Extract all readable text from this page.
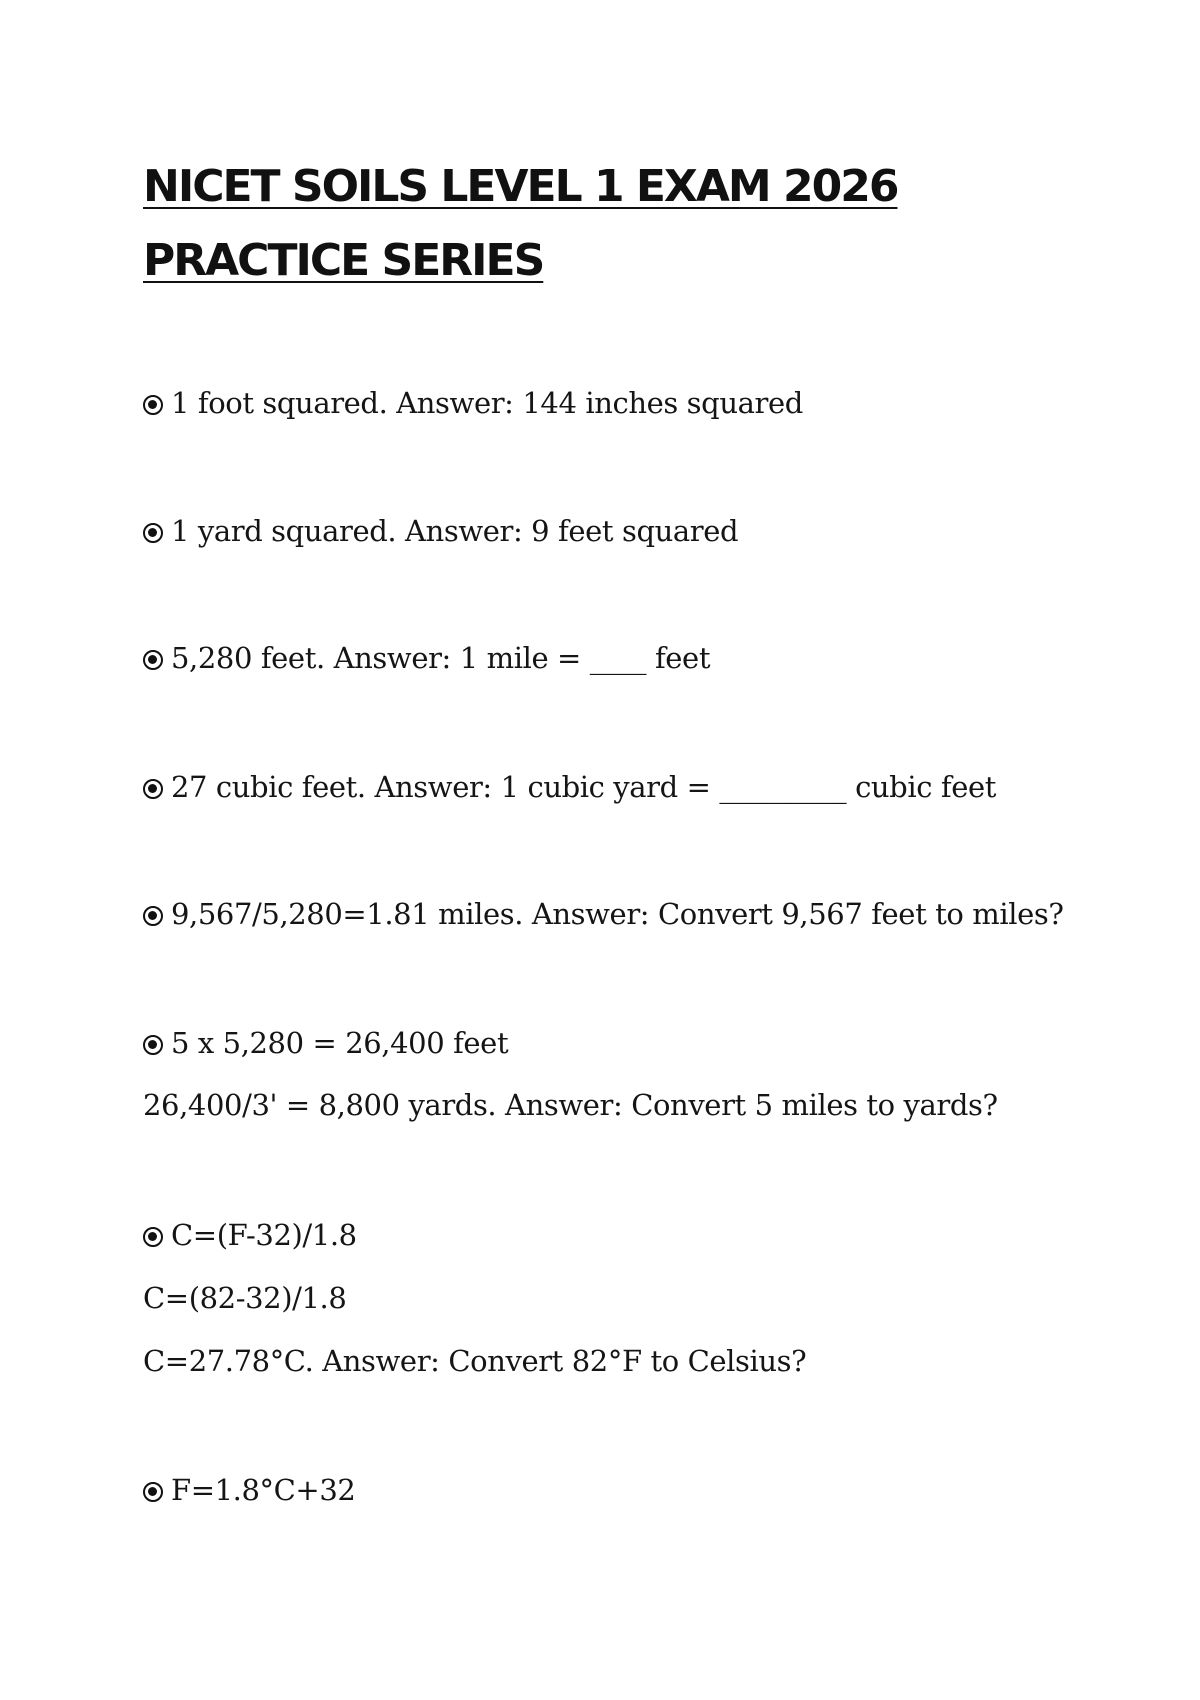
NICET SOILS LEVEL 1 EXAM 2026 PRACTICE SERIES

1 foot squared. Answer: 144 inches squared

1 yard squared. Answer: 9 feet squared

5,280 feet. Answer: 1 mile = ____ feet

27 cubic feet. Answer: 1 cubic yard = _________ cubic feet

9,567/5,280=1.81 miles. Answer: Convert 9,567 feet to miles?

5 x 5,280 = 26,400 feet

26,400/3' = 8,800 yards. Answer: Convert 5 miles to yards?

C=(F-32)/1.8

C=(82-32)/1.8

C=27.78°C. Answer: Convert 82°F to Celsius?

F=1.8°C+32
